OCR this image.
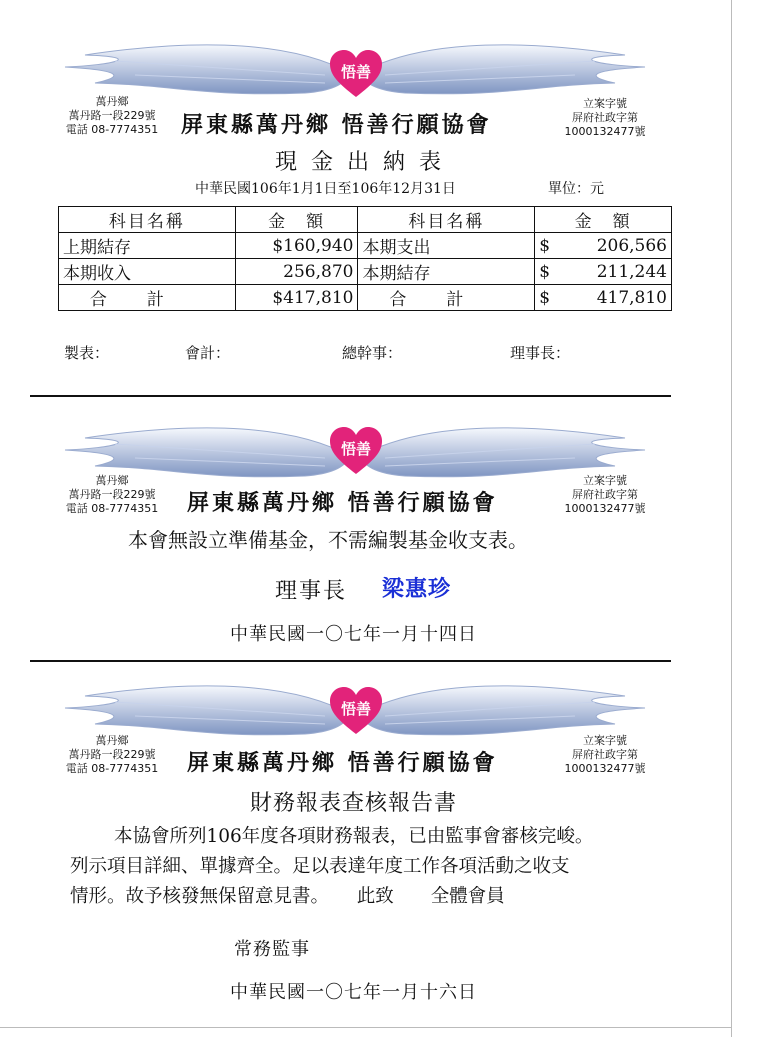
悟善
萬丹鄉
萬丹路一段229號
電話 08-7774351	屏東縣萬丹鄉 悟善行願協會
立案字號
屏府社政字第
1000132477號
現金出納表
中華民國106年1月1日至106年12月31日	單位：元
科目名稱	金　額	科目名稱	金　額
上期結存	$160,940	本期支出	$ 206,566
本期收入	256,870	本期結存	$ 211,244
合計	$417,810	合計	$ 417,810
製表：	會計：	總幹事：	理事長：
悟善
萬丹鄉
萬丹路一段229號
電話 08-7774351	屏東縣萬丹鄉 悟善行願協會
立案字號
屏府社政字第
1000132477號
本會無設立準備基金，不需編製基金收支表。
理事長 梁惠珍
中華民國一〇七年一月十四日
悟善
萬丹鄉
萬丹路一段229號
電話 08-7774351	屏東縣萬丹鄉 悟善行願協會
立案字號
屏府社政字第
1000132477號
財務報表查核報告書
本協會所列106年度各項財務報表，已由監事會審核完峻。
列示項目詳細、單據齊全。足以表達年度工作各項活動之收支
情形。故予核發無保留意見書。　　此致　　全體會員
常務監事
中華民國一〇七年一月十六日
